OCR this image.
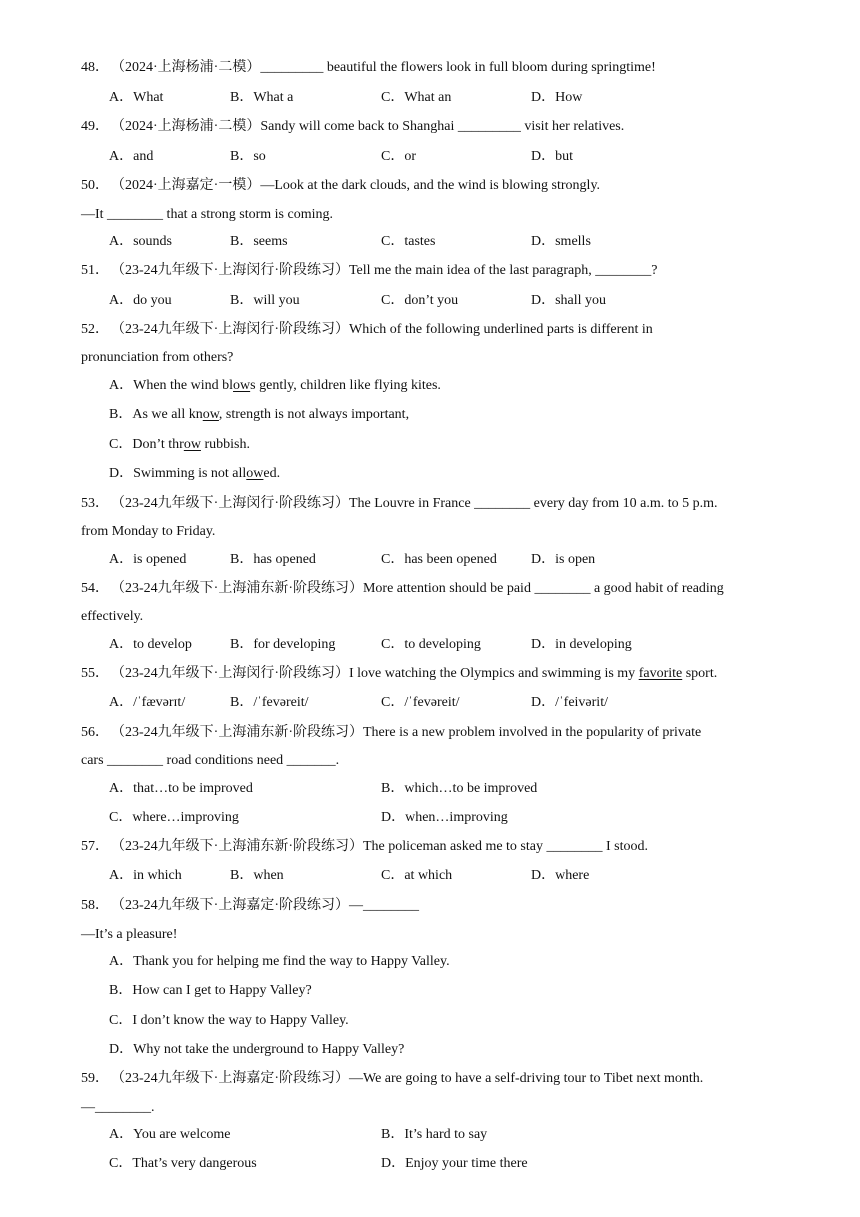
48． （2024·上海杨浦·二模）_________ beautiful the flowers look in full bloom during springtime!
A．What	B．What a	C．What an	D．How
49． （2024·上海杨浦·二模）Sandy will come back to Shanghai _________ visit her relatives.
A．and	B．so	C．or	D．but
50． （2024·上海嘉定·一模）—Look at the dark clouds, and the wind is blowing strongly.
—It ________ that a strong storm is coming.
A．sounds	B．seems	C．tastes	D．smells
51． （23-24九年级下·上海闵行·阶段练习）Tell me the main idea of the last paragraph, ________?
A．do you	B．will you	C．don’t you	D．shall you
52． （23-24九年级下·上海闵行·阶段练习）Which of the following underlined parts is different in
pronunciation from others?
A．When the wind blows gently, children like flying kites.
B．As we all know, strength is not always important,
C．Don’t throw rubbish.
D．Swimming is not allowed.
53． （23-24九年级下·上海闵行·阶段练习）The Louvre in France ________ every day from 10 a.m. to 5 p.m.
from Monday to Friday.
A．is opened	B．has opened	C．has been opened D．is open
54． （23-24九年级下·上海浦东新·阶段练习）More attention should be paid ________ a good habit of reading
effectively.
A．to develop	B．for developing	C．to developing	D．in developing
55． （23-24九年级下·上海闵行·阶段练习）I love watching the Olympics and swimming is my favorite sport.
A．/ˈfævərɪt/	B．/ˈfevəreit/	C．/ˈfevəreit/	D．/ˈfeivərit/
56． （23-24九年级下·上海浦东新·阶段练习）There is a new problem involved in the popularity of private
cars ________ road conditions need _______.
A．that…to be improved	B．which…to be improved
C．where…improving	D．when…improving
57． （23-24九年级下·上海浦东新·阶段练习）The policeman asked me to stay ________ I stood.
A．in which	B．when	C．at which	D．where
58． （23-24九年级下·上海嘉定·阶段练习）—________
—It’s a pleasure!
A．Thank you for helping me find the way to Happy Valley.
B．How can I get to Happy Valley?
C．I don’t know the way to Happy Valley.
D．Why not take the underground to Happy Valley?
59． （23-24九年级下·上海嘉定·阶段练习）—We are going to have a self-driving tour to Tibet next month.
—________.
A．You are welcome	B．It’s hard to say
C．That’s very dangerous	D．Enjoy your time there
